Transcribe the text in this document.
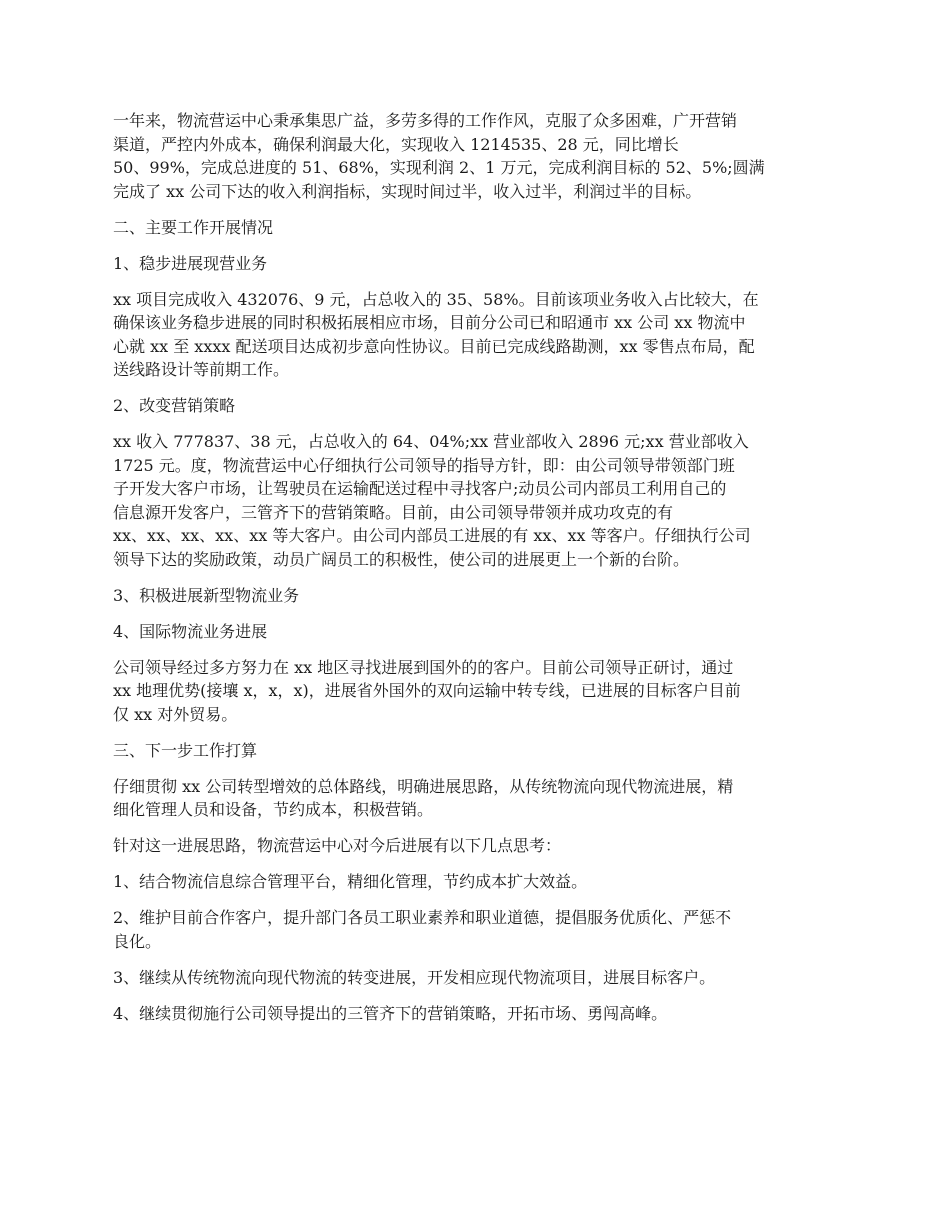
一年来，物流营运中心秉承集思广益，多劳多得的工作作风，克服了众多困难，广开营销
渠道，严控内外成本，确保利润最大化，实现收入 1214535、28 元，同比增长
50、99%，完成总进度的 51、68%，实现利润 2、1 万元，完成利润目标的 52、5%;圆满
完成了 xx 公司下达的收入利润指标，实现时间过半，收入过半，利润过半的目标。

二、主要工作开展情况

1、稳步进展现营业务

xx 项目完成收入 432076、9 元，占总收入的 35、58%。目前该项业务收入占比较大，在
确保该业务稳步进展的同时积极拓展相应市场，目前分公司已和昭通市 xx 公司 xx 物流中
心就 xx 至 xxxx 配送项目达成初步意向性协议。目前已完成线路勘测，xx 零售点布局，配
送线路设计等前期工作。

2、改变营销策略

xx 收入 777837、38 元，占总收入的 64、04%;xx 营业部收入 2896 元;xx 营业部收入
1725 元。度，物流营运中心仔细执行公司领导的指导方针，即：由公司领导带领部门班
子开发大客户市场，让驾驶员在运输配送过程中寻找客户;动员公司内部员工利用自己的
信息源开发客户，三管齐下的营销策略。目前，由公司领导带领并成功攻克的有
xx、xx、xx、xx、xx 等大客户。由公司内部员工进展的有 xx、xx 等客户。仔细执行公司
领导下达的奖励政策，动员广阔员工的积极性，使公司的进展更上一个新的台阶。

3、积极进展新型物流业务

4、国际物流业务进展

公司领导经过多方努力在 xx 地区寻找进展到国外的的客户。目前公司领导正研讨，通过
xx 地理优势(接壤 x，x，x)，进展省外国外的双向运输中转专线，已进展的目标客户目前
仅 xx 对外贸易。

三、下一步工作打算

仔细贯彻 xx 公司转型增效的总体路线，明确进展思路，从传统物流向现代物流进展，精
细化管理人员和设备，节约成本，积极营销。

针对这一进展思路，物流营运中心对今后进展有以下几点思考：

1、结合物流信息综合管理平台，精细化管理，节约成本扩大效益。

2、维护目前合作客户，提升部门各员工职业素养和职业道德，提倡服务优质化、严惩不
良化。

3、继续从传统物流向现代物流的转变进展，开发相应现代物流项目，进展目标客户。

4、继续贯彻施行公司领导提出的三管齐下的营销策略，开拓市场、勇闯高峰。
